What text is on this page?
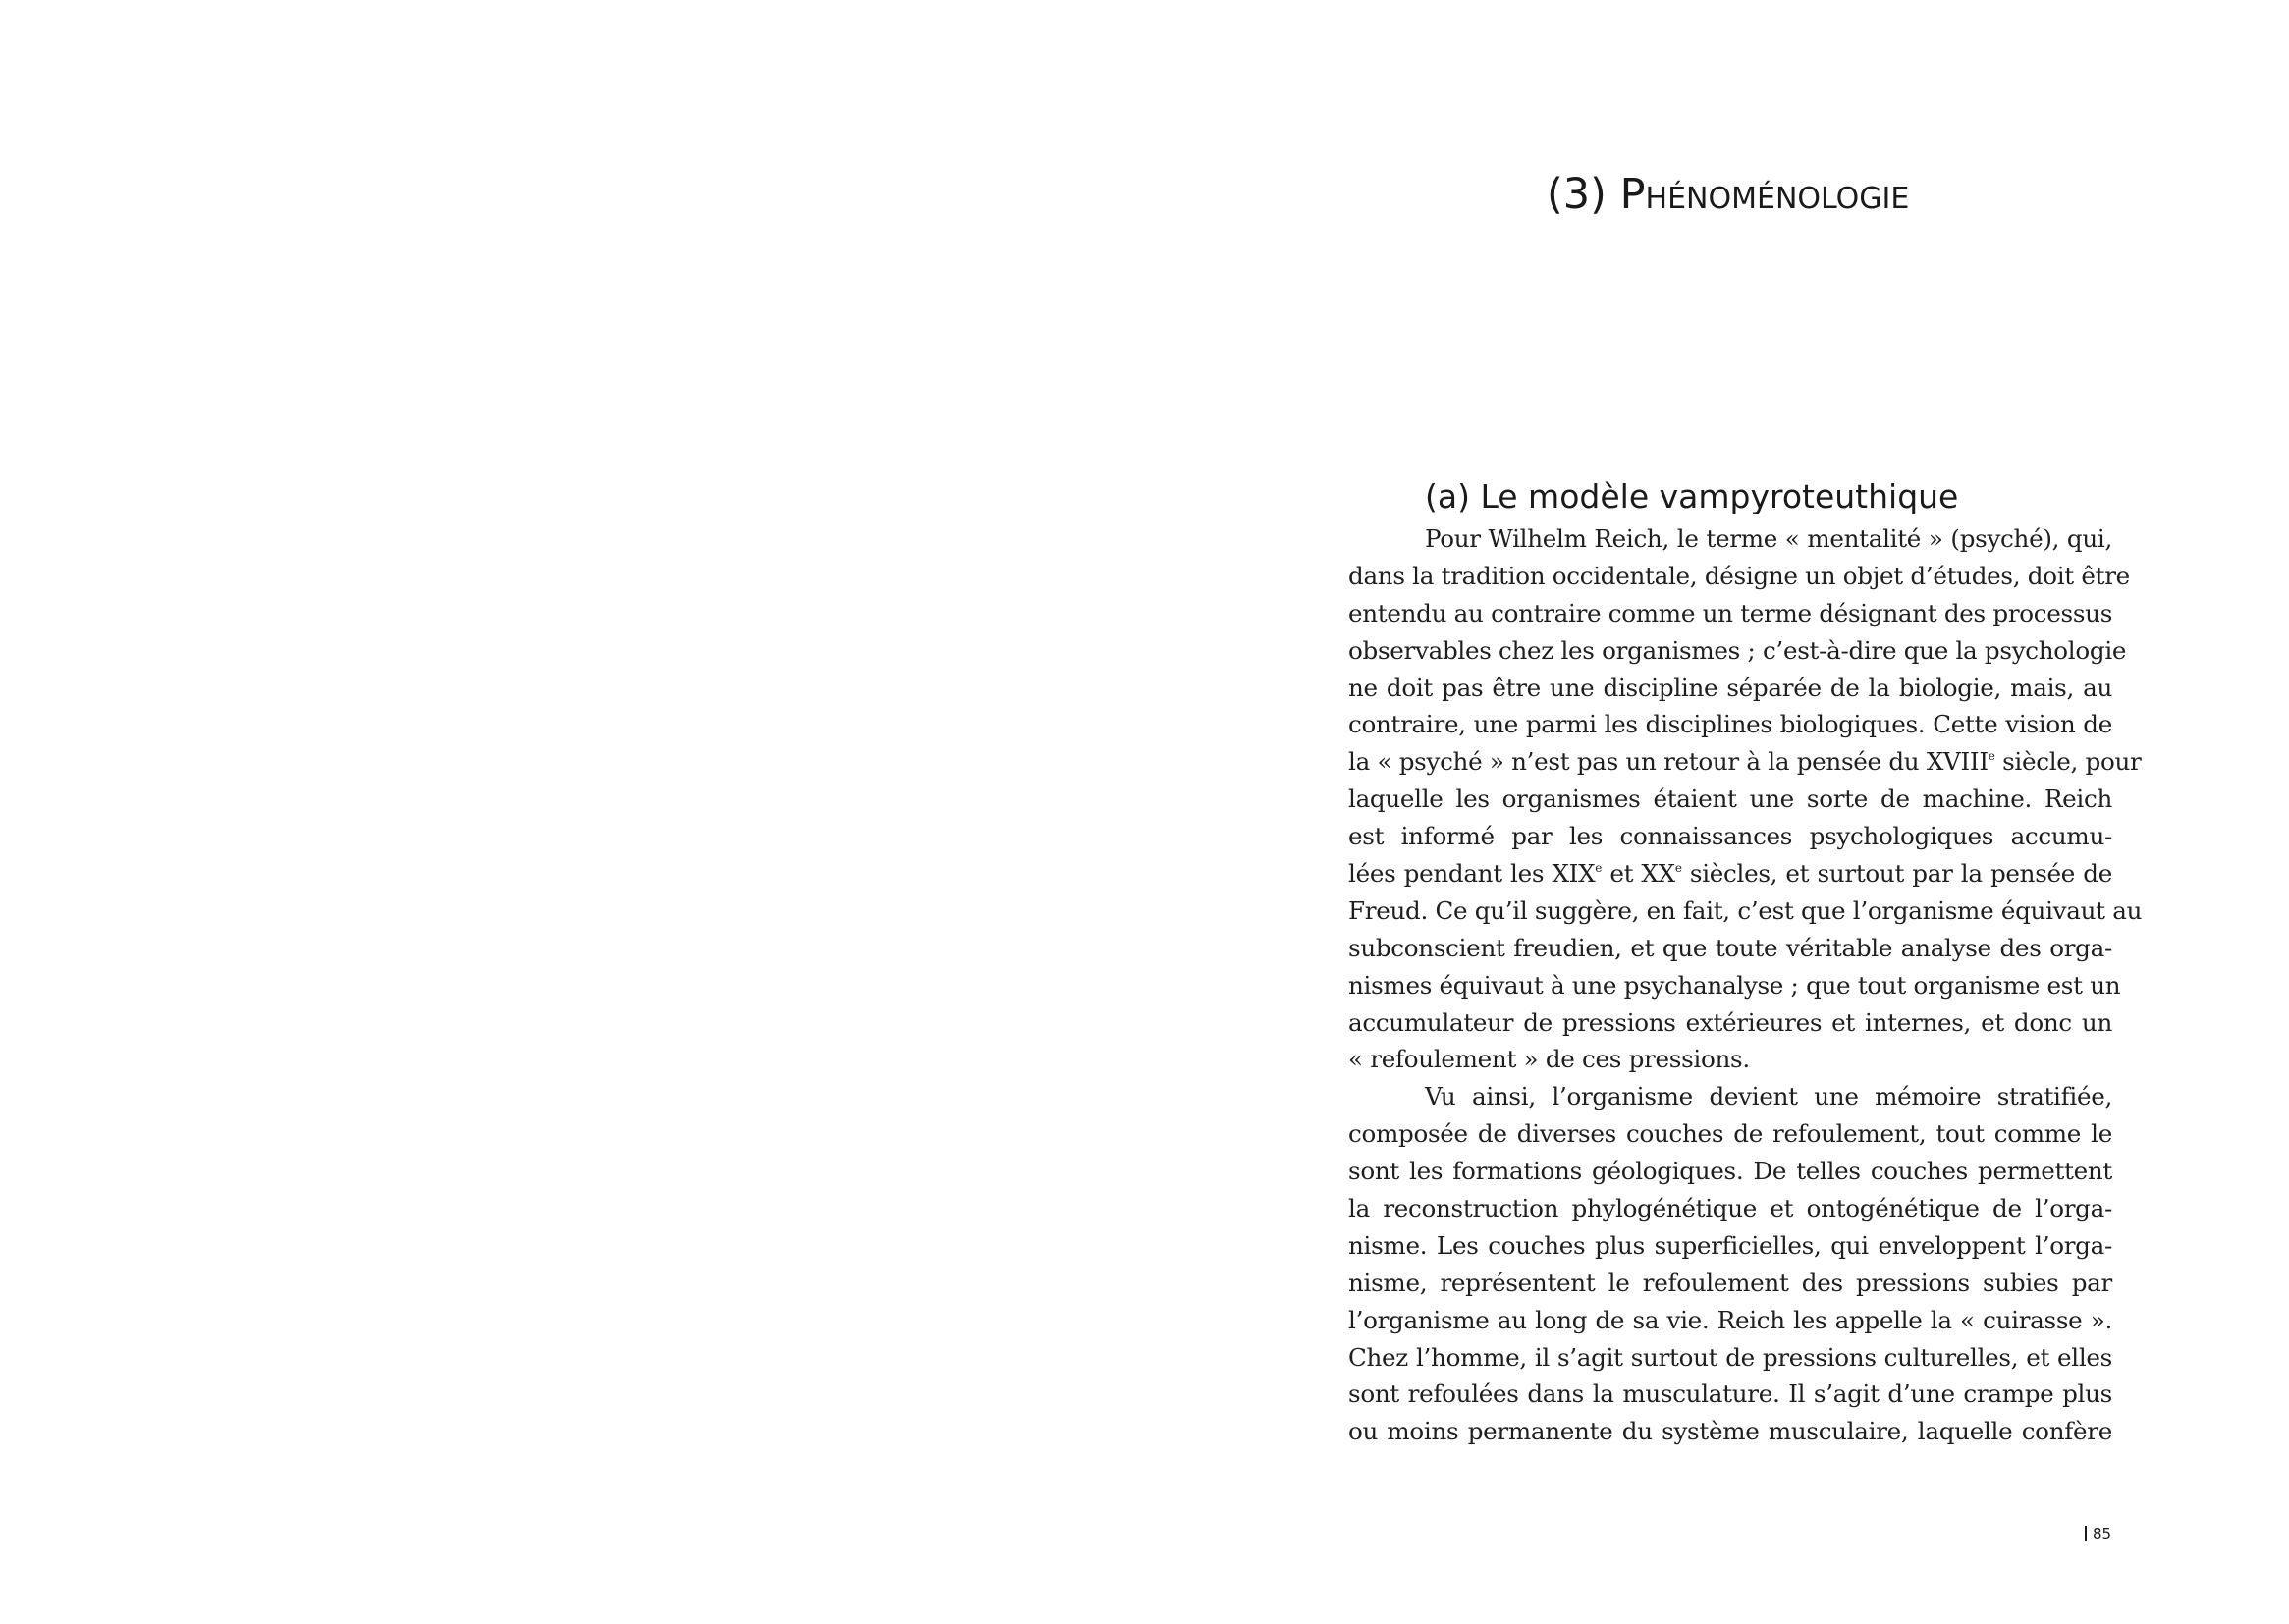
(3) Phénoménologie
(a) Le modèle vampyroteuthique
Pour Wilhelm Reich, le terme « mentalité » (psyché), qui,
dans la tradition occidentale, désigne un objet d’études, doit être
entendu au contraire comme un terme désignant des processus
observables chez les organismes ; c’est-à-dire que la psychologie
ne doit pas être une discipline séparée de la biologie, mais, au
contraire, une parmi les disciplines biologiques. Cette vision de
la « psyché » n’est pas un retour à la pensée du XVIIIe siècle, pour
laquelle les organismes étaient une sorte de machine. Reich
est informé par les connaissances psychologiques accumu-
lées pendant les XIXe et XXe siècles, et surtout par la pensée de
Freud. Ce qu’il suggère, en fait, c’est que l’organisme équivaut au
subconscient freudien, et que toute véritable analyse des orga-
nismes équivaut à une psychanalyse ; que tout organisme est un
accumulateur de pressions extérieures et internes, et donc un
« refoulement » de ces pressions.
Vu ainsi, l’organisme devient une mémoire stratifiée,
composée de diverses couches de refoulement, tout comme le
sont les formations géologiques. De telles couches permettent
la reconstruction phylogénétique et ontogénétique de l’orga-
nisme. Les couches plus superficielles, qui enveloppent l’orga-
nisme, représentent le refoulement des pressions subies par
l’organisme au long de sa vie. Reich les appelle la « cuirasse ».
Chez l’homme, il s’agit surtout de pressions culturelles, et elles
sont refoulées dans la musculature. Il s’agit d’une crampe plus
ou moins permanente du système musculaire, laquelle confère
85
